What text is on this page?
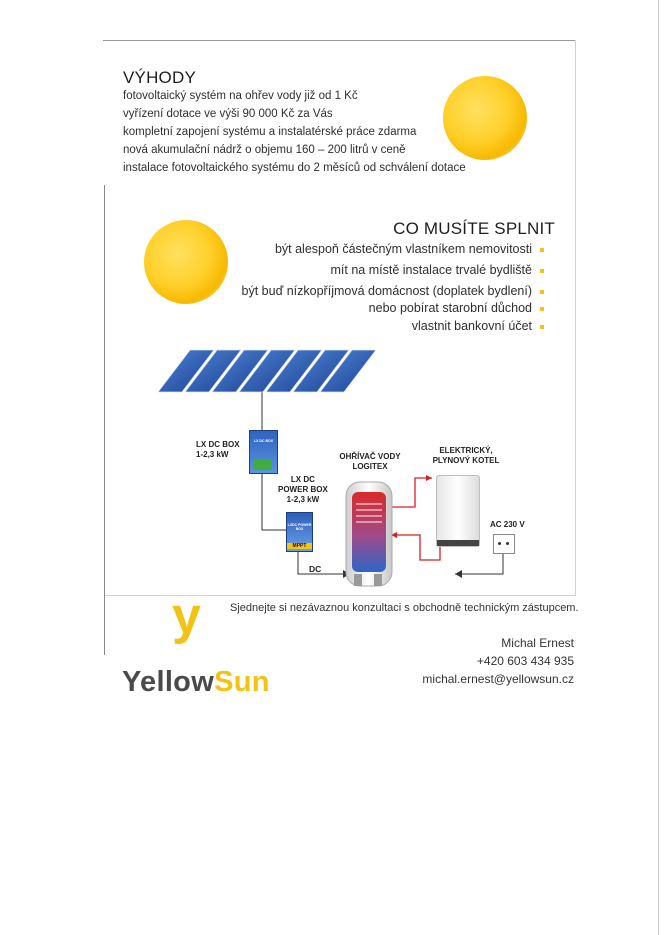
VÝHODY
fotovoltaický systém na ohřev vody již od 1 Kč
vyřízení dotace ve výši 90 000 Kč za Vás
kompletní zapojení systému a instalatérské práce zdarma
nová akumulační nádrž o objemu 160 – 200 litrů v ceně
instalace fotovoltaického systému do 2 měsíců od schválení dotace
CO MUSÍTE SPLNIT
být alespoň částečným vlastníkem nemovitosti
mít na místě instalace trvalé bydliště
být buď nízkopříjmová domácnost (doplatek bydlení)
nebo pobírat starobní důchod
vlastnit bankovní účet
LX DC BOX
1-2,3 kW
LX DC BOX
LX DC
POWER BOX
1-2,3 kW
LXDC POWER BOX
MPPT
OHŘÍVAČ VODY
LOGITEX
ELEKTRICKÝ,
PLYNOVÝ KOTEL
AC 230 V
DC
y	Sjednejte si nezávaznou konzultaci s obchodně technickým zástupcem.
Michal Ernest
+420 603 434 935
michal.ernest@yellowsun.cz
YellowSun
